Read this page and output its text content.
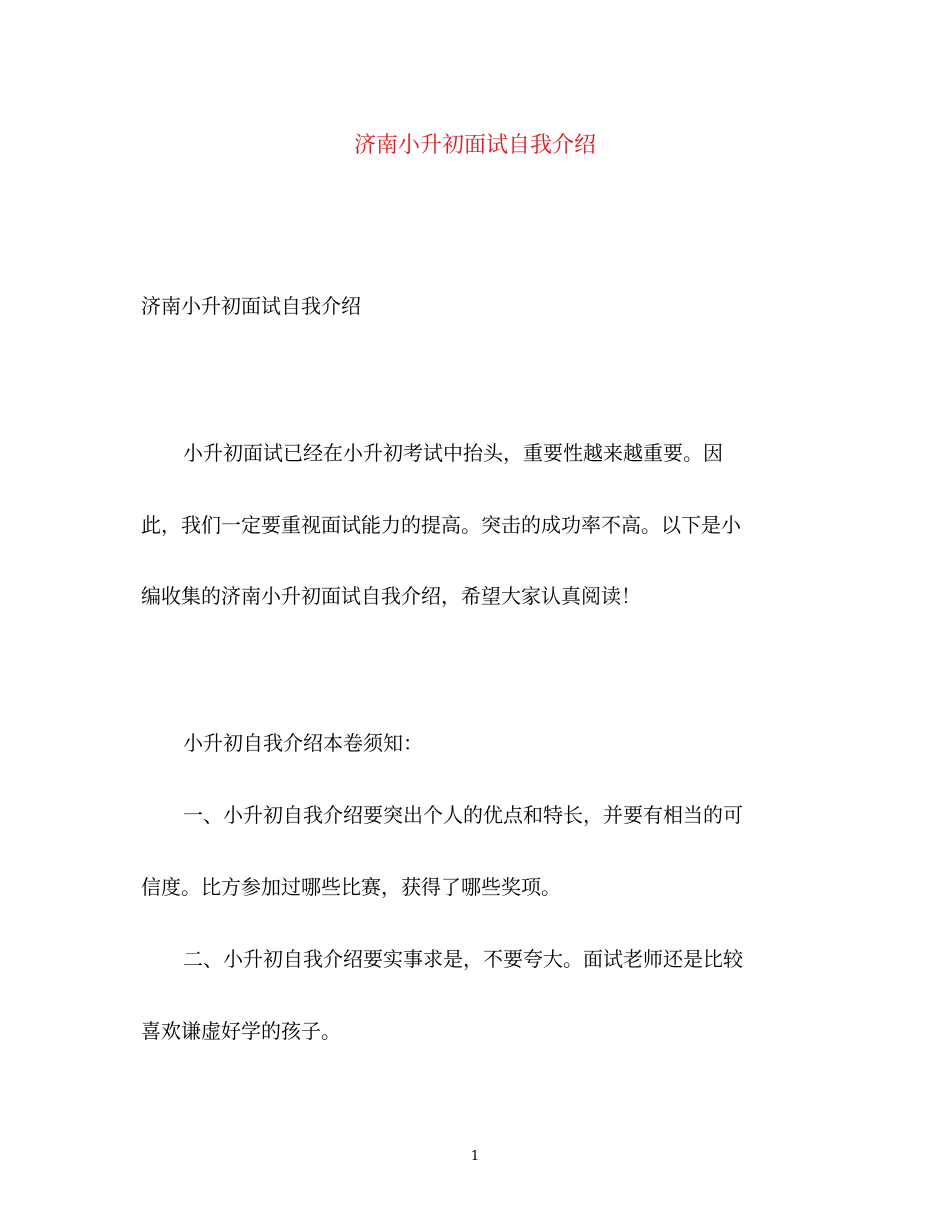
济南小升初面试自我介绍
济南小升初面试自我介绍
小升初面试已经在小升初考试中抬头，重要性越来越重要。因
此，我们一定要重视面试能力的提高。突击的成功率不高。以下是小
编收集的济南小升初面试自我介绍，希望大家认真阅读！
小升初自我介绍本卷须知：
一、小升初自我介绍要突出个人的优点和特长，并要有相当的可
信度。比方参加过哪些比赛，获得了哪些奖项。
二、小升初自我介绍要实事求是，不要夸大。面试老师还是比较
喜欢谦虚好学的孩子。
1
